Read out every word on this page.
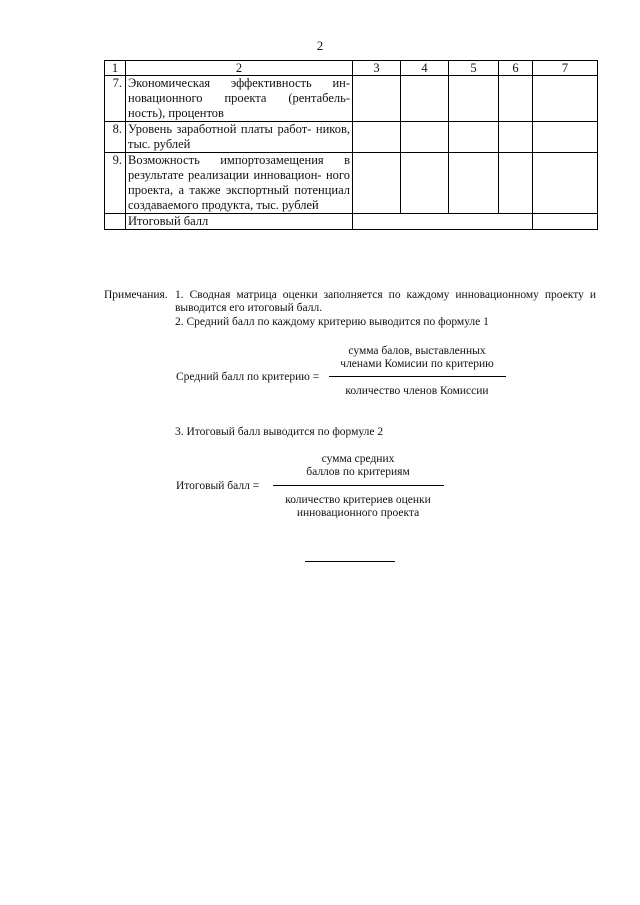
2
1	2	3	4	5	6	7
7.	Экономическая эффективность ин- новационного проекта (рентабель- ность), процентов					
8.	Уровень заработной платы работ- ников, тыс. рублей					
9.	Возможность импортозамещения в результате реализации инновацион- ного проекта, а также экспортный потенциал создаваемого продукта, тыс. рублей					
	Итоговый балл					
Примечания. 1. Сводная матрица оценки заполняется по каждому инновационному проекту и выводится его итоговый балл.
2. Средний балл по каждому критерию выводится по формуле 1
3. Итоговый балл выводится по формуле 2
Средний балл по критерию =
сумма балов, выставленных
членами Комисии по критерию
количество членов Комиссии
Итоговый балл =
сумма средних
баллов по критериям
количество критериев оценки
инновационного проекта
